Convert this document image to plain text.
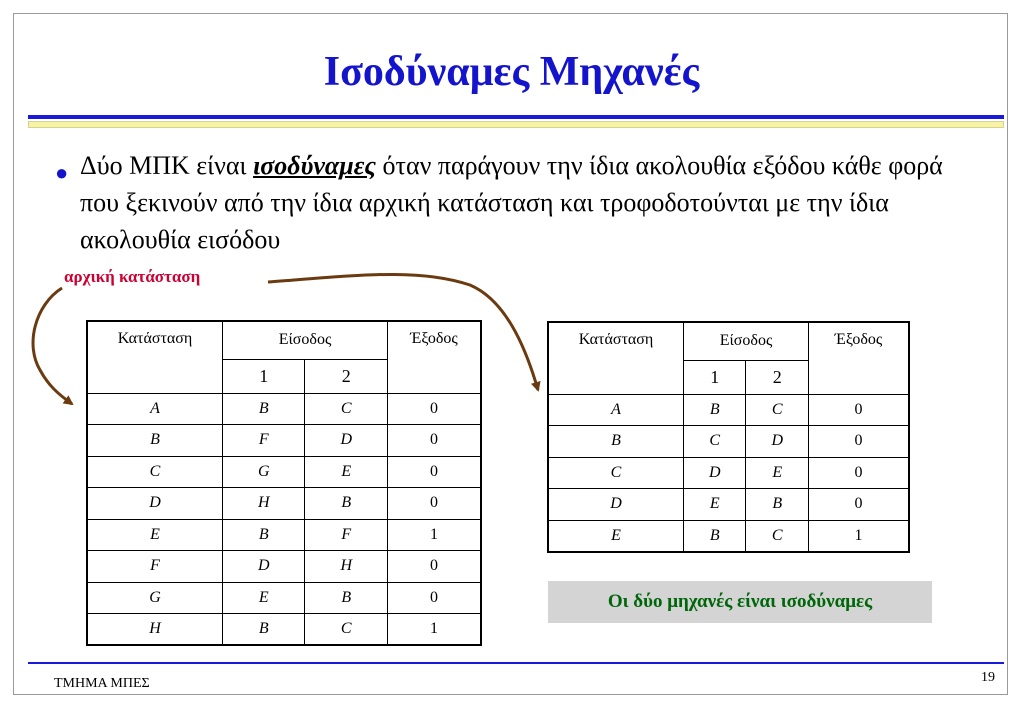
Ισοδύναμες Μηχανές
● Δύο ΜΠΚ είναι ισοδύναμες όταν παράγουν την ίδια ακολουθία εξόδου κάθε φορά που ξεκινούν από την ίδια αρχική κατάσταση και τροφοδοτούνται με την ίδια ακολουθία εισόδου
αρχική κατάσταση
Κατάσταση	Είσοδος		Έξοδος
	1	2	
A	B	C	0
B	F	D	0
C	G	E	0
D	H	B	0
E	B	F	1
F	D	H	0
G	E	B	0
H	B	C	1
Κατάσταση	Είσοδος		Έξοδος
	1	2	
A	B	C	0
B	C	D	0
C	D	E	0
D	E	B	0
E	B	C	1
Οι δύο μηχανές είναι ισοδύναμες
ΤΜΗΜΑ ΜΠΕΣ	19
